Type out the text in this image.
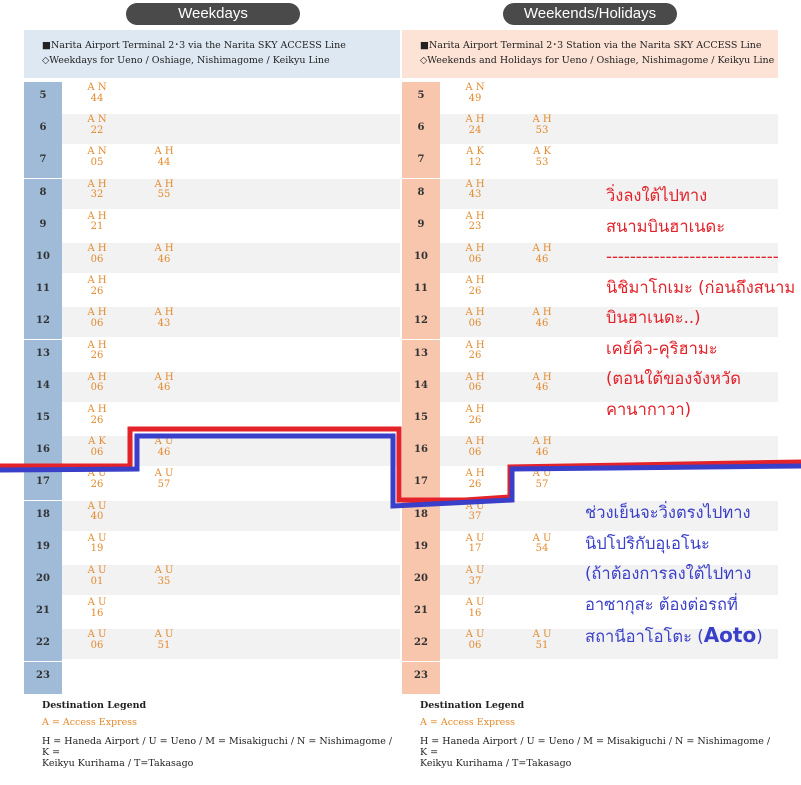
Weekdays	Weekends/Holidays
■Narita Airport Terminal 2･3 via the Narita SKY ACCESS Line
◇Weekdays for Ueno / Oshiage, Nishimagome / Keikyu Line
■Narita Airport Terminal 2･3 Station via the Narita SKY ACCESS Line
◇Weekends and Holidays for Ueno / Oshiage, Nishimagome / Keikyu Line
5
A N
44
6
A N
22
7
A N
05
A H
44
8
A H
32
A H
55
9
A H
21
10
A H
06
A H
46
11
A H
26
12
A H
06
A H
43
13
A H
26
14
A H
06
A H
46
15
A H
26
16
A K
06
A U
46
17
A U
26
A U
57
18
A U
40
19
A U
19
20
A U
01
A U
35
21
A U
16
22
A U
06
A U
51
23
5
A N
49
6
A H
24
A H
53
7
A K
12
A K
53
8
A H
43
9
A H
23
10
A H
06
A H
46
11
A H
26
12
A H
06
A H
46
13
A H
26
14
A H
06
A H
46
15
A H
26
16
A H
06
A H
46
17
A H
26
A U
57
18
A U
37
19
A U
17
A U
54
20
A U
37
21
A U
16
22
A U
06
A U
51
23
Destination Legend
A = Access Express
H = Haneda Airport / U = Ueno / M = Misakiguchi / N = Nishimagome / K =
Keikyu Kurihama / T=Takasago
Destination Legend
A = Access Express
H = Haneda Airport / U = Ueno / M = Misakiguchi / N = Nishimagome / K =
Keikyu Kurihama / T=Takasago
วิ่งลงใต้ไปทาง
สนามบินฮาเนดะ
-----------------------------
นิชิมาโกเมะ (ก่อนถึงสนาม
บินฮาเนดะ..)
เคย์คิว-คุริฮามะ
(ตอนใต้ของจังหวัด
คานากาวา)
ช่วงเย็นจะวิ่งตรงไปทาง
นิปโปริกับอุเอโนะ
(ถ้าต้องการลงใต้ไปทาง
อาซากุสะ ต้องต่อรถที่
สถานีอาโอโตะ (Aoto)
